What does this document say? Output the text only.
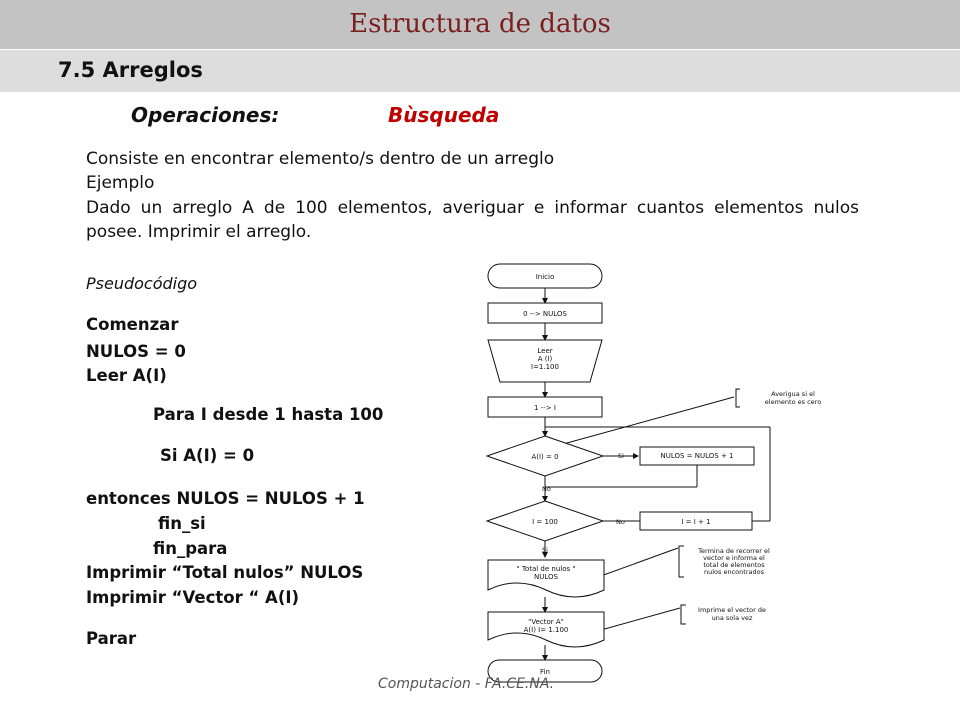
Estructura de datos
7.5 Arreglos
Operaciones:	Bùsqueda
Consiste en encontrar elemento/s dentro de un arreglo
Ejemplo
Dado un arreglo A de 100 elementos, averiguar e informar cuantos elementos nulos posee. Imprimir el arreglo.
Pseudocódigo
Comenzar
NULOS = 0
Leer A(I)
Para I desde 1 hasta 100
Si A(I) = 0
entonces NULOS = NULOS + 1
fin_si
fin_para
Imprimir “Total nulos” NULOS
Imprimir “Vector “ A(I)
Parar
Inicio
0 --> NULOS
Leer
A (I)
I=1.100
1 --> I
A(I) = 0	Si
No
NULOS = NULOS + 1
I = 100	No
Si
I = I + 1
" Total de nulos "
NULOS
"Vector A"
A(I) I= 1.100
Fin
Averigua si el
elemento es cero
Termina de recorrer el
vector e informa el
total de elementos
nulos encontrados
Imprime el vector de
una sola vez
Computacion - FA.CE.NA.
